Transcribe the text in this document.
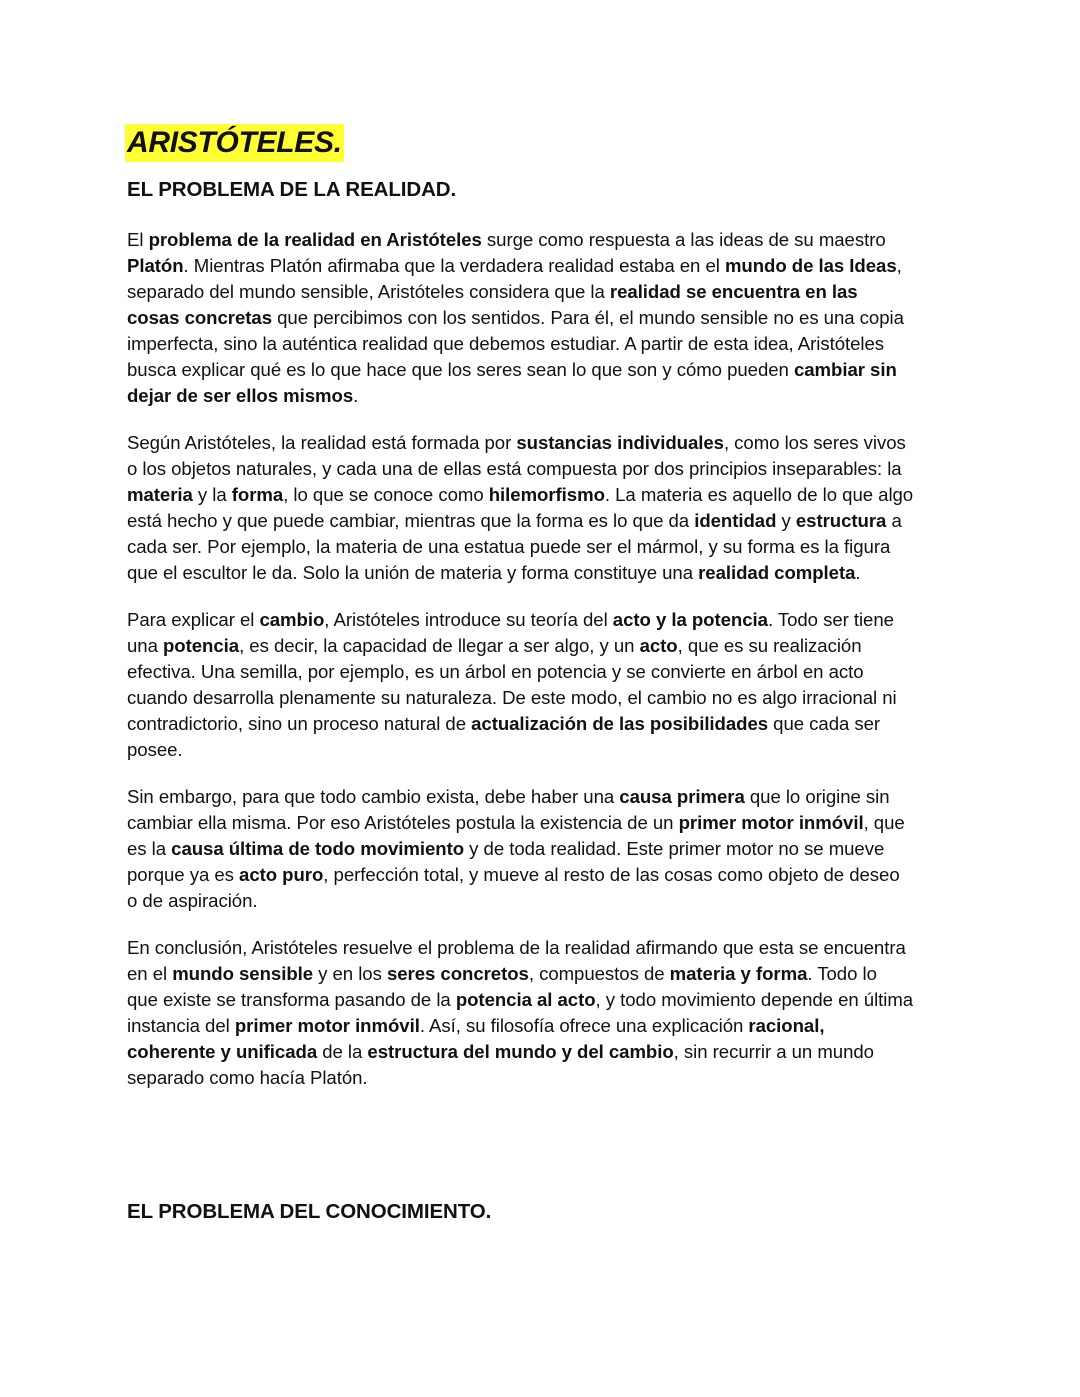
ARISTÓTELES.
EL PROBLEMA DE LA REALIDAD.

El problema de la realidad en Aristóteles surge como respuesta a las ideas de su maestro
Platón. Mientras Platón afirmaba que la verdadera realidad estaba en el mundo de las Ideas,
separado del mundo sensible, Aristóteles considera que la realidad se encuentra en las
cosas concretas que percibimos con los sentidos. Para él, el mundo sensible no es una copia
imperfecta, sino la auténtica realidad que debemos estudiar. A partir de esta idea, Aristóteles
busca explicar qué es lo que hace que los seres sean lo que son y cómo pueden cambiar sin
dejar de ser ellos mismos.

Según Aristóteles, la realidad está formada por sustancias individuales, como los seres vivos
o los objetos naturales, y cada una de ellas está compuesta por dos principios inseparables: la
materia y la forma, lo que se conoce como hilemorfismo. La materia es aquello de lo que algo
está hecho y que puede cambiar, mientras que la forma es lo que da identidad y estructura a
cada ser. Por ejemplo, la materia de una estatua puede ser el mármol, y su forma es la figura
que el escultor le da. Solo la unión de materia y forma constituye una realidad completa.

Para explicar el cambio, Aristóteles introduce su teoría del acto y la potencia. Todo ser tiene
una potencia, es decir, la capacidad de llegar a ser algo, y un acto, que es su realización
efectiva. Una semilla, por ejemplo, es un árbol en potencia y se convierte en árbol en acto
cuando desarrolla plenamente su naturaleza. De este modo, el cambio no es algo irracional ni
contradictorio, sino un proceso natural de actualización de las posibilidades que cada ser
posee.

Sin embargo, para que todo cambio exista, debe haber una causa primera que lo origine sin
cambiar ella misma. Por eso Aristóteles postula la existencia de un primer motor inmóvil, que
es la causa última de todo movimiento y de toda realidad. Este primer motor no se mueve
porque ya es acto puro, perfección total, y mueve al resto de las cosas como objeto de deseo
o de aspiración.

En conclusión, Aristóteles resuelve el problema de la realidad afirmando que esta se encuentra
en el mundo sensible y en los seres concretos, compuestos de materia y forma. Todo lo
que existe se transforma pasando de la potencia al acto, y todo movimiento depende en última
instancia del primer motor inmóvil. Así, su filosofía ofrece una explicación racional,
coherente y unificada de la estructura del mundo y del cambio, sin recurrir a un mundo
separado como hacía Platón.

EL PROBLEMA DEL CONOCIMIENTO.
